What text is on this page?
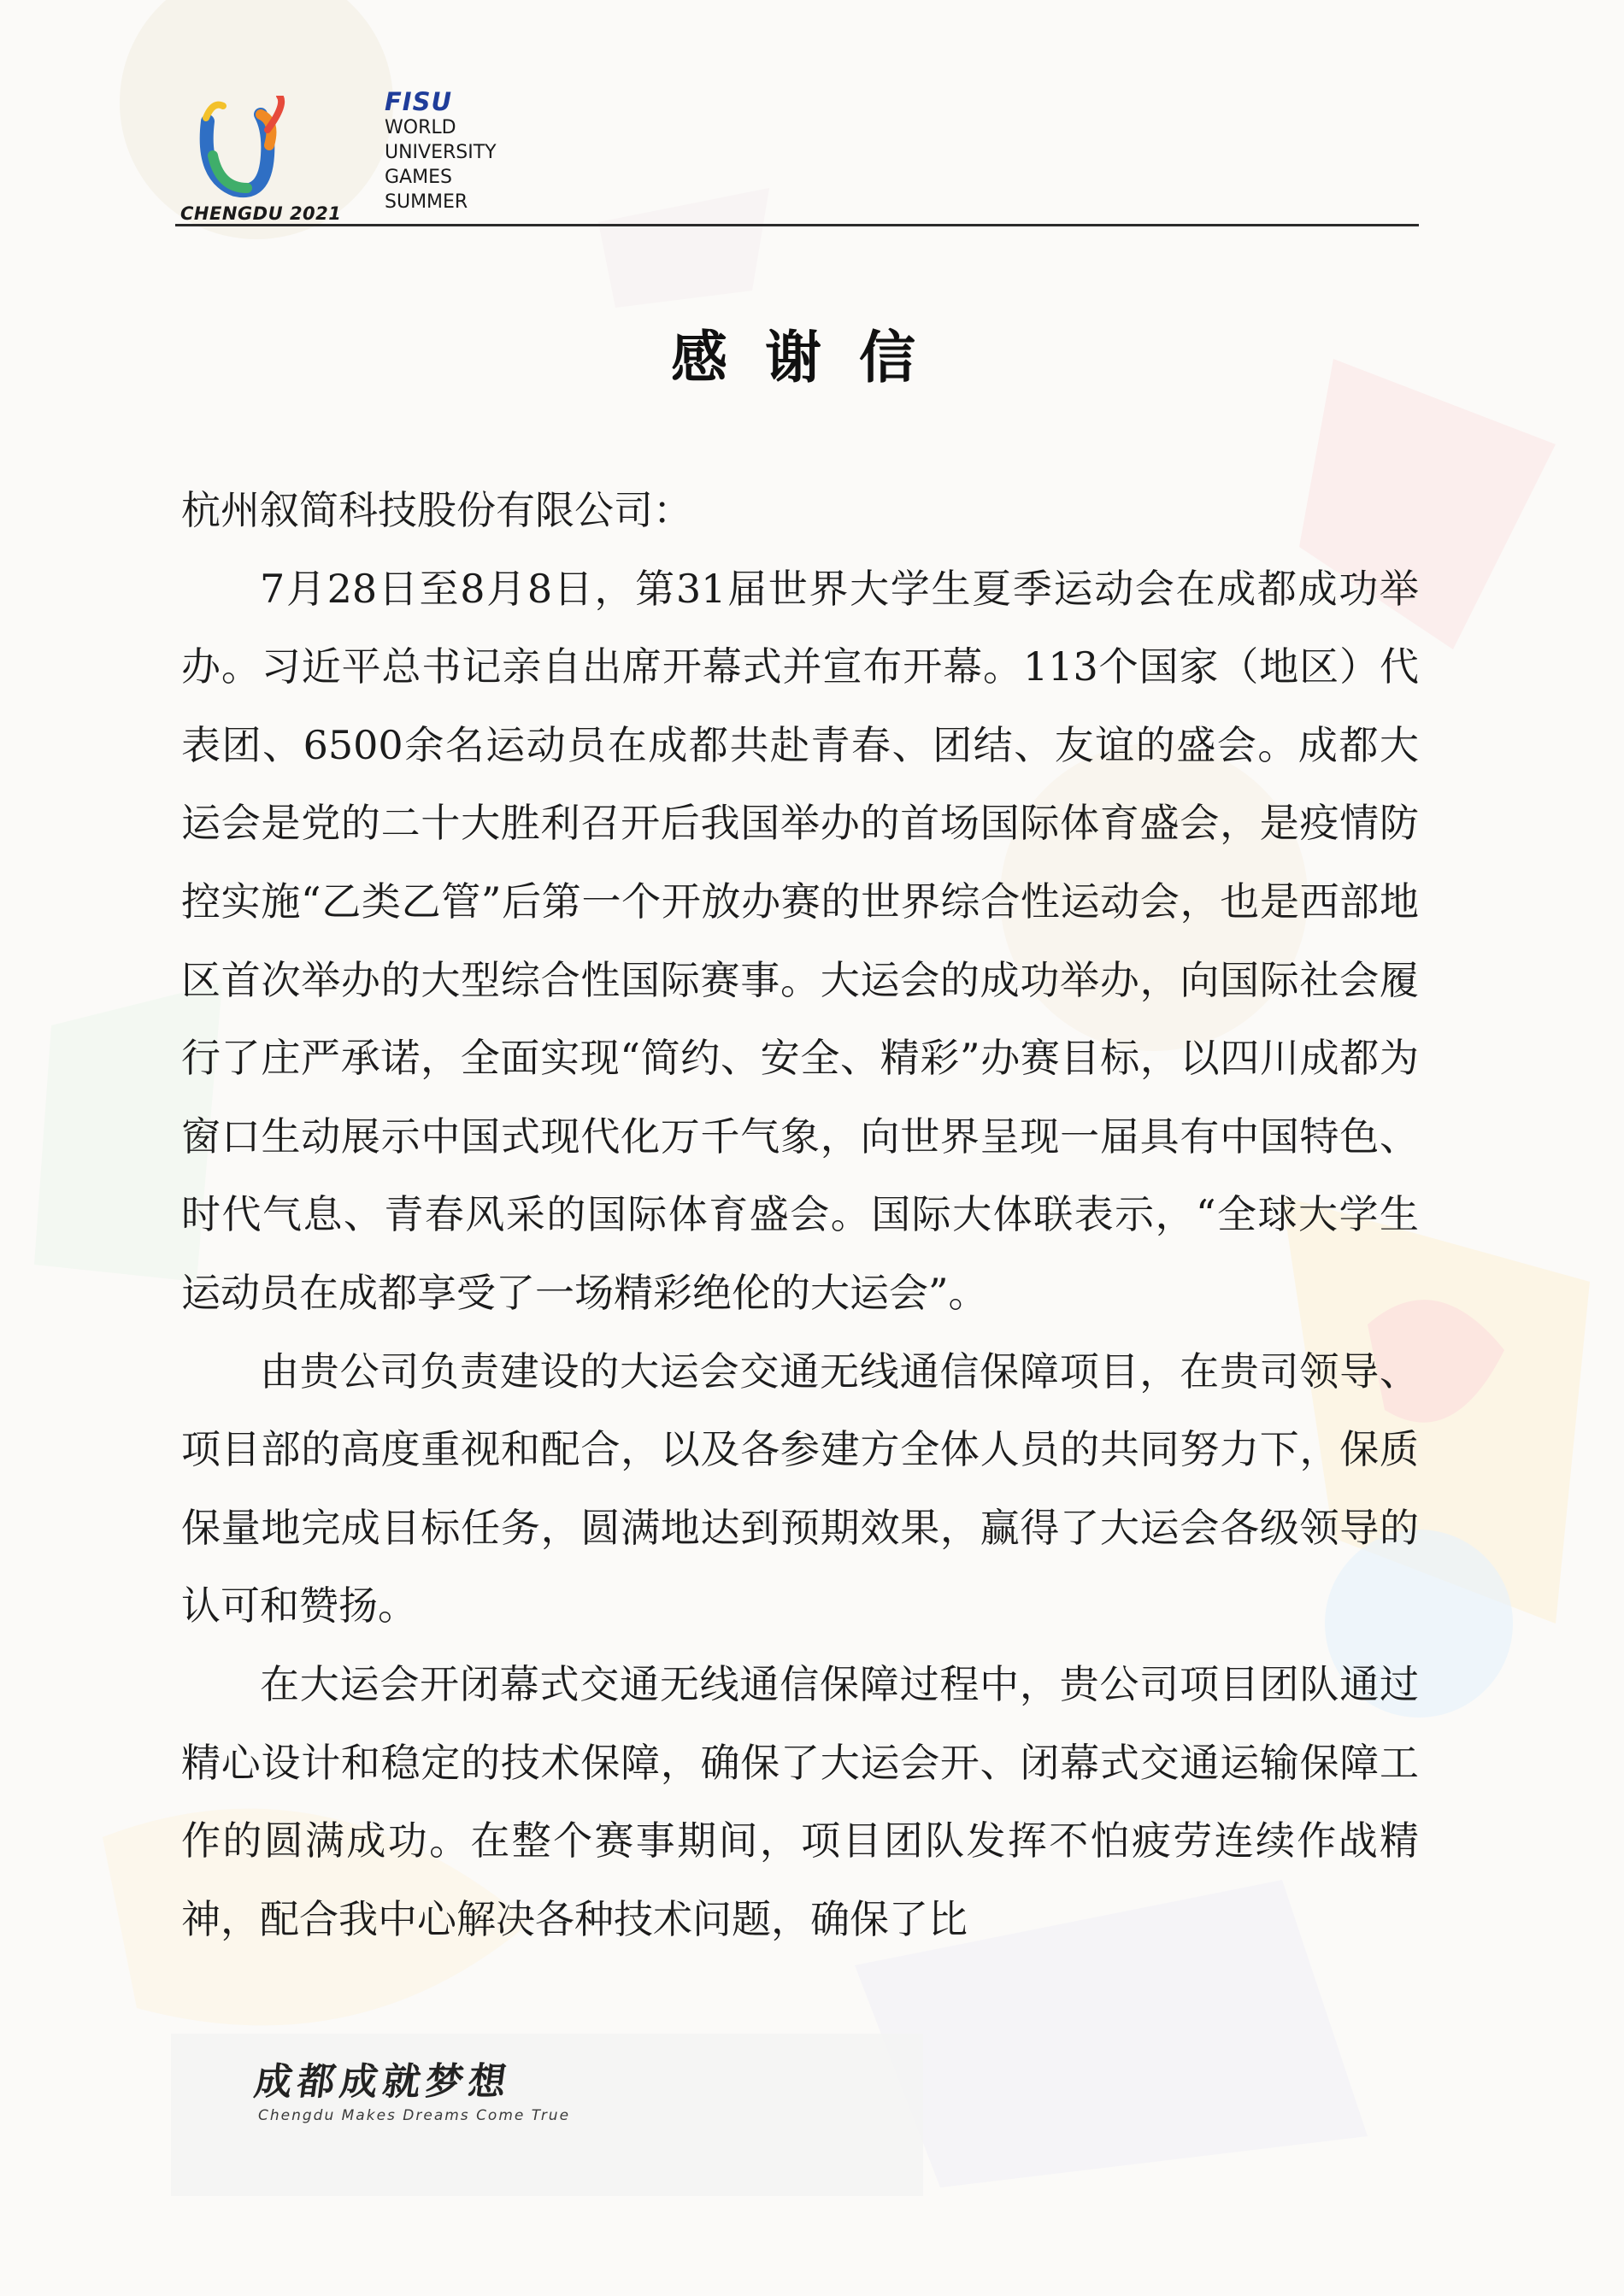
CHENGDU 2021
FISU
WORLD
UNIVERSITY
GAMES
SUMMER
感谢信

杭州叙简科技股份有限公司：

7月28日至8月8日，第31届世界大学生夏季运动会在成都成功举办。习近平总书记亲自出席开幕式并宣布开幕。113个国家（地区）代表团、6500余名运动员在成都共赴青春、团结、友谊的盛会。成都大运会是党的二十大胜利召开后我国举办的首场国际体育盛会，是疫情防控实施“乙类乙管”后第一个开放办赛的世界综合性运动会，也是西部地区首次举办的大型综合性国际赛事。大运会的成功举办，向国际社会履行了庄严承诺，全面实现“简约、安全、精彩”办赛目标，以四川成都为窗口生动展示中国式现代化万千气象，向世界呈现一届具有中国特色、时代气息、青春风采的国际体育盛会。国际大体联表示，“全球大学生运动员在成都享受了一场精彩绝伦的大运会”。

由贵公司负责建设的大运会交通无线通信保障项目，在贵司领导、项目部的高度重视和配合，以及各参建方全体人员的共同努力下，保质保量地完成目标任务，圆满地达到预期效果，赢得了大运会各级领导的认可和赞扬。

在大运会开闭幕式交通无线通信保障过程中，贵公司项目团队通过精心设计和稳定的技术保障，确保了大运会开、闭幕式交通运输保障工作的圆满成功。在整个赛事期间，项目团队发挥不怕疲劳连续作战精神，配合我中心解决各种技术问题，确保了比

成都成就梦想
Chengdu Makes Dreams Come True
